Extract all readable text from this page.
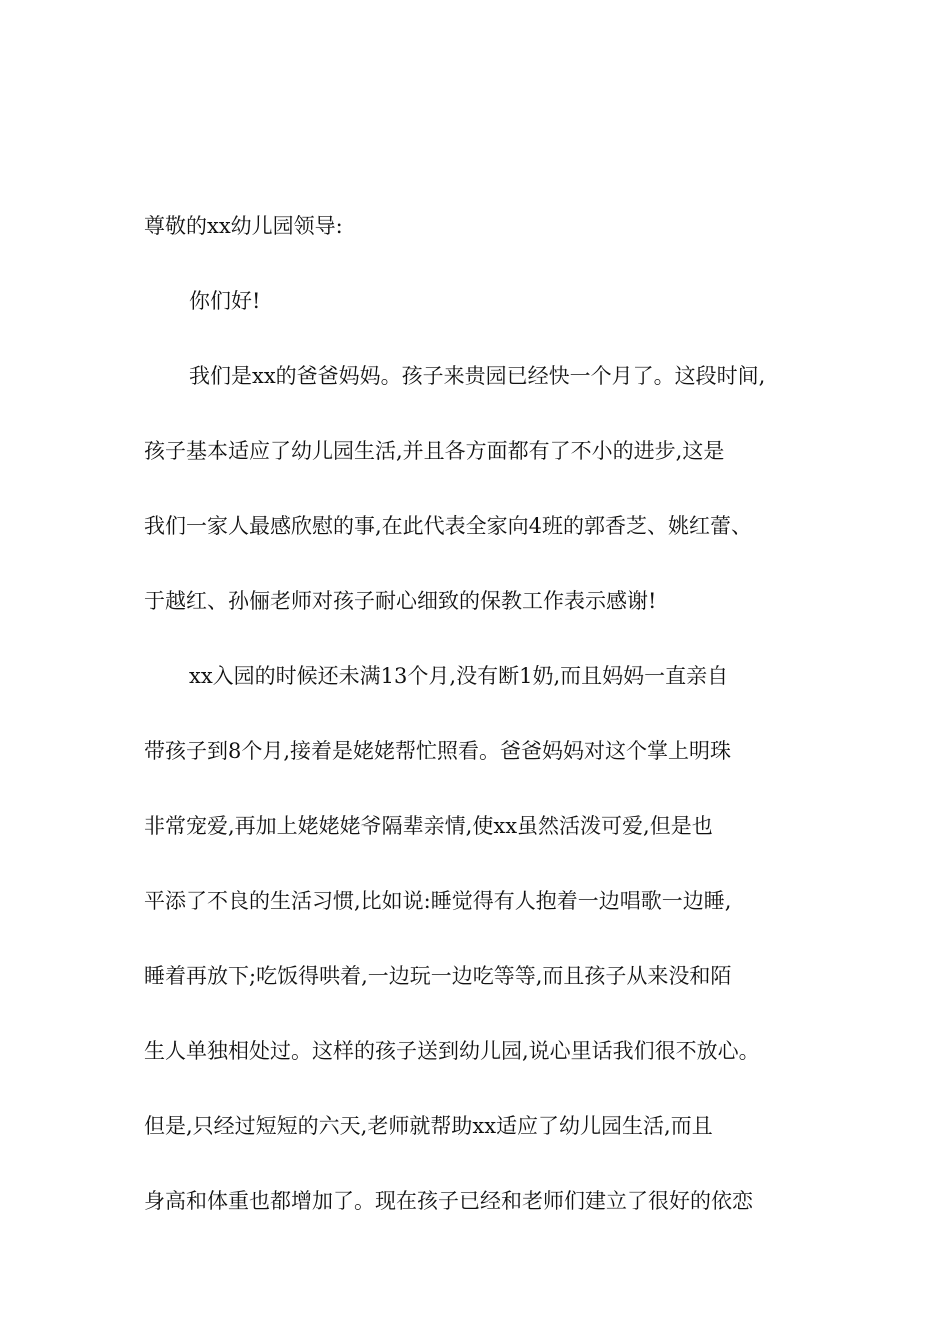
尊敬的xx幼儿园领导:
你们好!
我们是xx的爸爸妈妈。孩子来贵园已经快一个月了。这段时间,
孩子基本适应了幼儿园生活,并且各方面都有了不小的进步,这是
我们一家人最感欣慰的事,在此代表全家向4班的郭香芝、姚红蕾、
于越红、孙俪老师对孩子耐心细致的保教工作表示感谢!
xx入园的时候还未满13个月,没有断1奶,而且妈妈一直亲自
带孩子到8个月,接着是姥姥帮忙照看。爸爸妈妈对这个掌上明珠
非常宠爱,再加上姥姥姥爷隔辈亲情,使xx虽然活泼可爱,但是也
平添了不良的生活习惯,比如说:睡觉得有人抱着一边唱歌一边睡,
睡着再放下;吃饭得哄着,一边玩一边吃等等,而且孩子从来没和陌
生人单独相处过。这样的孩子送到幼儿园,说心里话我们很不放心。
但是,只经过短短的六天,老师就帮助xx适应了幼儿园生活,而且
身高和体重也都增加了。现在孩子已经和老师们建立了很好的依恋
